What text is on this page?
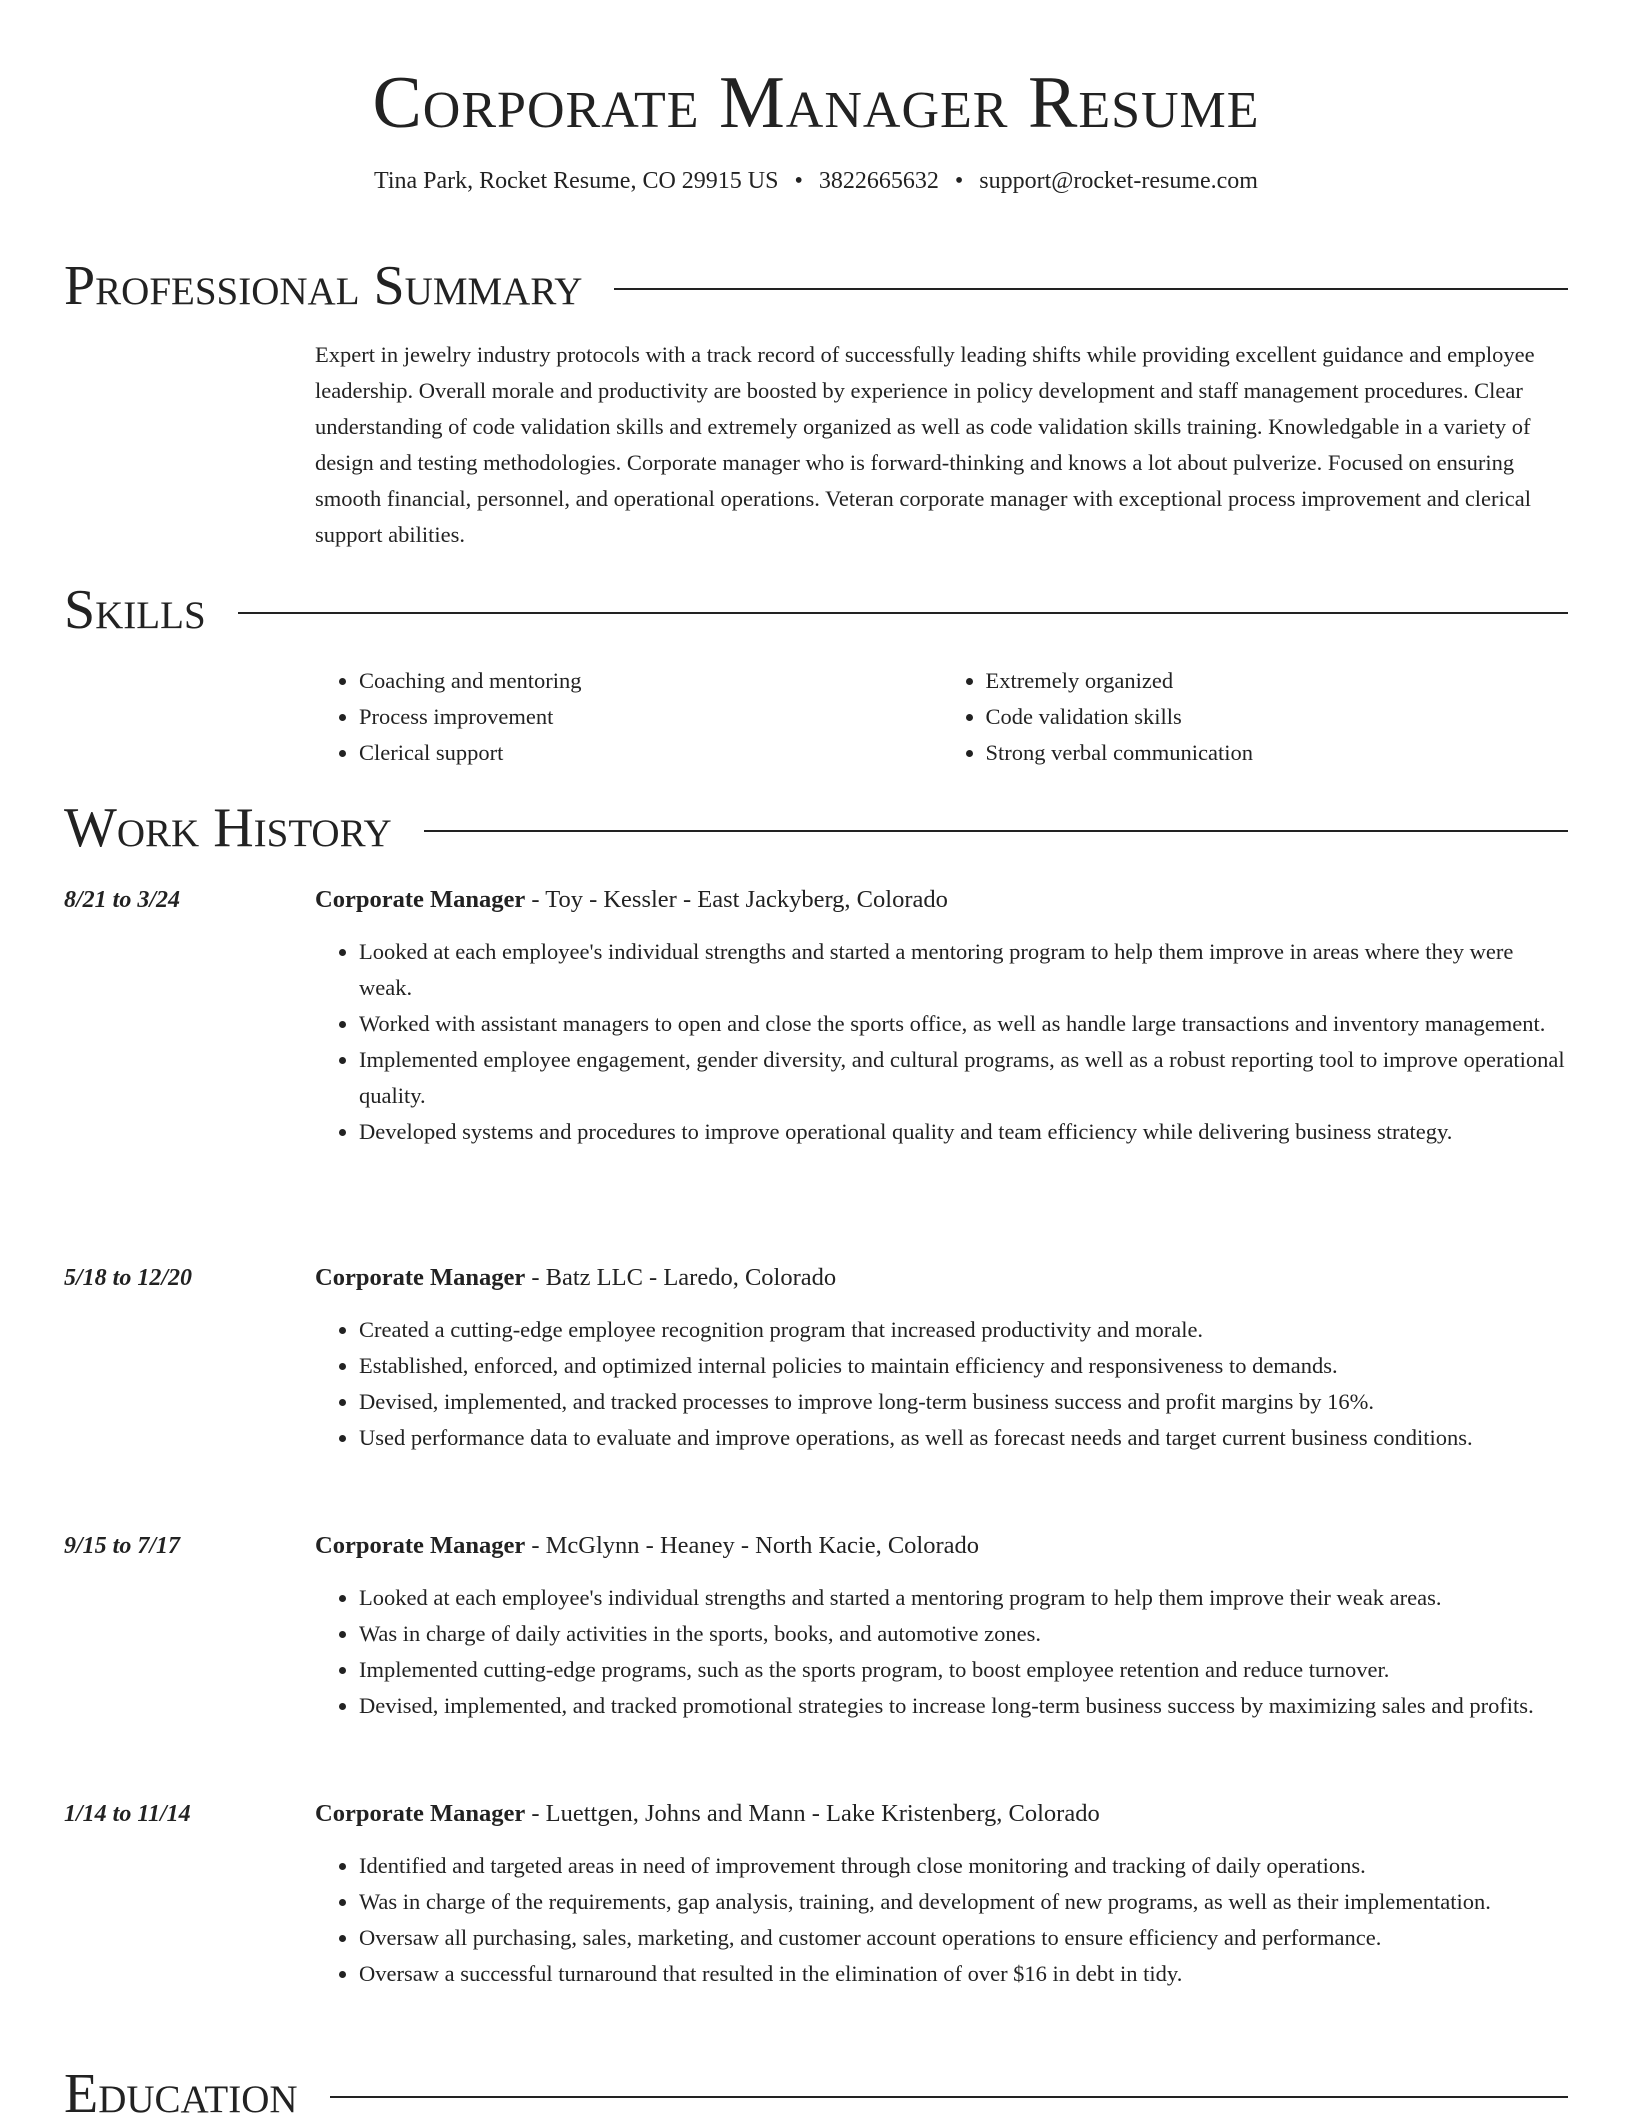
Corporate Manager Resume
Tina Park, Rocket Resume, CO 29915 US • 3822665632 • support@rocket-resume.com
Professional Summary

Expert in jewelry industry protocols with a track record of successfully leading shifts while providing excellent guidance and employee leadership. Overall morale and productivity are boosted by experience in policy development and staff management procedures. Clear understanding of code validation skills and extremely organized as well as code validation skills training. Knowledgable in a variety of design and testing methodologies. Corporate manager who is forward-thinking and knows a lot about pulverize. Focused on ensuring smooth financial, personnel, and operational operations. Veteran corporate manager with exceptional process improvement and clerical support abilities.

Skills
• Coaching and mentoring
• Process improvement
• Clerical support
• Extremely organized
• Code validation skills
• Strong verbal communication
Work History
8/21 to 3/24	Corporate Manager - Toy - Kessler - East Jackyberg, Colorado
• Looked at each employee's individual strengths and started a mentoring program to help them improve in areas where they were weak.
• Worked with assistant managers to open and close the sports office, as well as handle large transactions and inventory management.
• Implemented employee engagement, gender diversity, and cultural programs, as well as a robust reporting tool to improve operational quality.
• Developed systems and procedures to improve operational quality and team efficiency while delivering business strategy.
5/18 to 12/20	Corporate Manager - Batz LLC - Laredo, Colorado
• Created a cutting-edge employee recognition program that increased productivity and morale.
• Established, enforced, and optimized internal policies to maintain efficiency and responsiveness to demands.
• Devised, implemented, and tracked processes to improve long-term business success and profit margins by 16%.
• Used performance data to evaluate and improve operations, as well as forecast needs and target current business conditions.
9/15 to 7/17	Corporate Manager - McGlynn - Heaney - North Kacie, Colorado
• Looked at each employee's individual strengths and started a mentoring program to help them improve their weak areas.
• Was in charge of daily activities in the sports, books, and automotive zones.
• Implemented cutting-edge programs, such as the sports program, to boost employee retention and reduce turnover.
• Devised, implemented, and tracked promotional strategies to increase long-term business success by maximizing sales and profits.
1/14 to 11/14	Corporate Manager - Luettgen, Johns and Mann - Lake Kristenberg, Colorado
• Identified and targeted areas in need of improvement through close monitoring and tracking of daily operations.
• Was in charge of the requirements, gap analysis, training, and development of new programs, as well as their implementation.
• Oversaw all purchasing, sales, marketing, and customer account operations to ensure efficiency and performance.
• Oversaw a successful turnaround that resulted in the elimination of over $16 in debt in tidy.
Education
